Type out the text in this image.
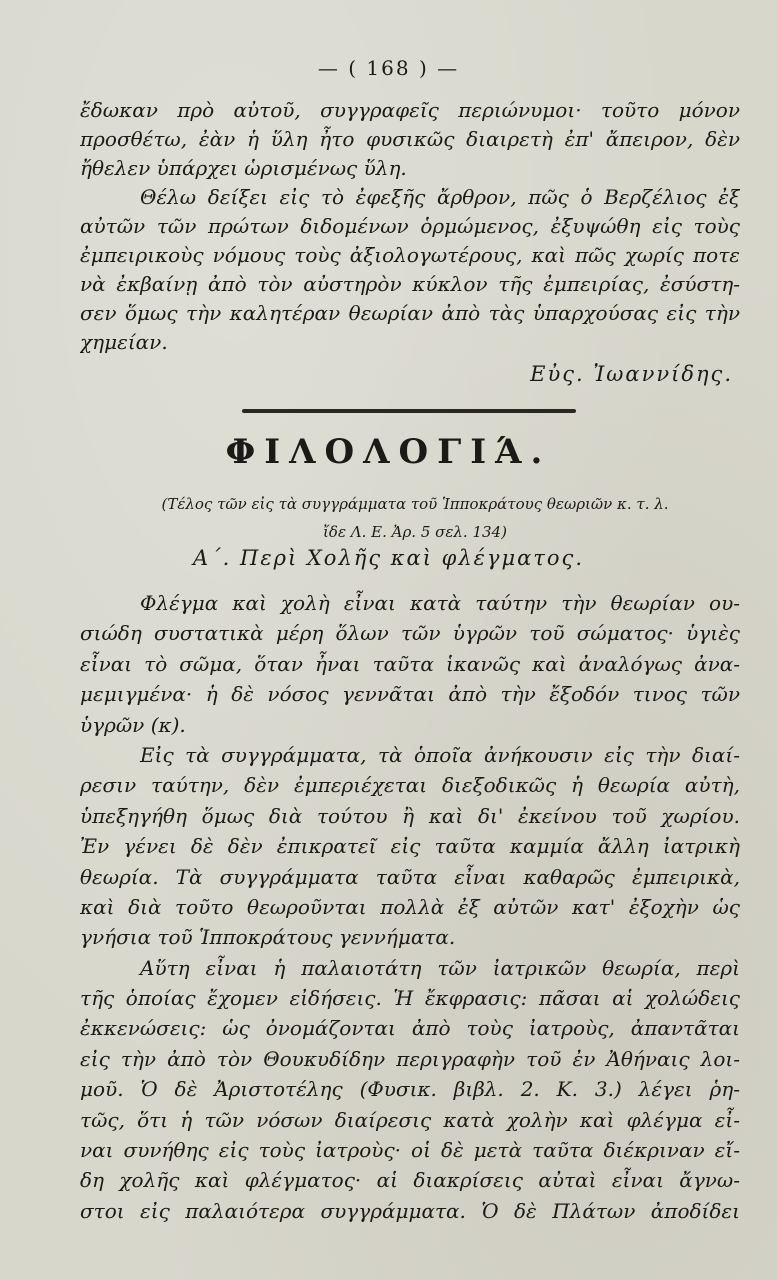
— ( 168 ) —
ἔδωκαν πρὸ αὐτοῦ, συγγραφεῖς περιώνυμοι· τοῦτο μόνον
προσθέτω, ἐὰν ἡ ὕλη ἦτο φυσικῶς διαιρετὴ ἐπ' ἄπειρον, δὲν
ἤθελεν ὑπάρχει ὡρισμένως ὕλη.
Θέλω δείξει εἰς τὸ ἐφεξῆς ἄρθρον, πῶς ὁ Βερζέλιος ἐξ
αὐτῶν τῶν πρώτων διδομένων ὁρμώμενος, ἐξυψώθη εἰς τοὺς
ἐμπειρικοὺς νόμους τοὺς ἀξιολογωτέρους, καὶ πῶς χωρίς ποτε
νὰ ἐκβαίνῃ ἀπὸ τὸν αὐστηρὸν κύκλον τῆς ἐμπειρίας, ἐσύστη-
σεν ὅμως τὴν καλητέραν θεωρίαν ἀπὸ τὰς ὑπαρχούσας εἰς τὴν
χημείαν.
Εὐς. Ἰωαννίδης.
ΦΙΛΟΛΟΓΙΆ.
(Τέλος τῶν εἰς τὰ συγγράμματα τοῦ Ἱπποκράτους θεωριῶν κ. τ. λ.
ἴδε Λ. Ε. Ἀρ. 5 σελ. 134)
Α΄. Περὶ Χολῆς καὶ φλέγματος.
Φλέγμα καὶ χολὴ εἶναι κατὰ ταύτην τὴν θεωρίαν ου-
σιώδη συστατικὰ μέρη ὅλων τῶν ὑγρῶν τοῦ σώματος· ὑγιὲς
εἶναι τὸ σῶμα, ὅταν ἦναι ταῦτα ἱκανῶς καὶ ἀναλόγως ἀνα-
μεμιγμένα· ἡ δὲ νόσος γεννᾶται ἀπὸ τὴν ἔξοδόν τινος τῶν
ὑγρῶν (κ).
Εἰς τὰ συγγράμματα, τὰ ὁποῖα ἀνήκουσιν εἰς τὴν διαί-
ρεσιν ταύτην, δὲν ἐμπεριέχεται διεξοδικῶς ἡ θεωρία αὐτὴ,
ὑπεξηγήθη ὅμως διὰ τούτου ἢ καὶ δι' ἐκείνου τοῦ χωρίου.
Ἐν γένει δὲ δὲν ἐπικρατεῖ εἰς ταῦτα καμμία ἄλλη ἰατρικὴ
θεωρία. Τὰ συγγράμματα ταῦτα εἶναι καθαρῶς ἐμπειρικὰ,
καὶ διὰ τοῦτο θεωροῦνται πολλὰ ἐξ αὐτῶν κατ' ἐξοχὴν ὡς
γνήσια τοῦ Ἱπποκράτους γεννήματα.
Αὕτη εἶναι ἡ παλαιοτάτη τῶν ἰατρικῶν θεωρία, περὶ
τῆς ὁποίας ἔχομεν εἰδήσεις. Ἡ ἔκφρασις: πᾶσαι αἱ χολώδεις
ἐκκενώσεις: ὡς ὀνομάζονται ἀπὸ τοὺς ἰατροὺς, ἀπαντᾶται
εἰς τὴν ἀπὸ τὸν Θουκυδίδην περιγραφὴν τοῦ ἐν Ἀθήναις λοι-
μοῦ. Ὁ δὲ Ἀριστοτέλης (Φυσικ. βιβλ. 2. Κ. 3.) λέγει ῥη-
τῶς, ὅτι ἡ τῶν νόσων διαίρεσις κατὰ χολὴν καὶ φλέγμα εἶ-
ναι συνήθης εἰς τοὺς ἰατροὺς· οἱ δὲ μετὰ ταῦτα διέκριναν εἴ-
δη χολῆς καὶ φλέγματος· αἱ διακρίσεις αὐταὶ εἶναι ἄγνω-
στοι εἰς παλαιότερα συγγράμματα. Ὁ δὲ Πλάτων ἀποδίδει
